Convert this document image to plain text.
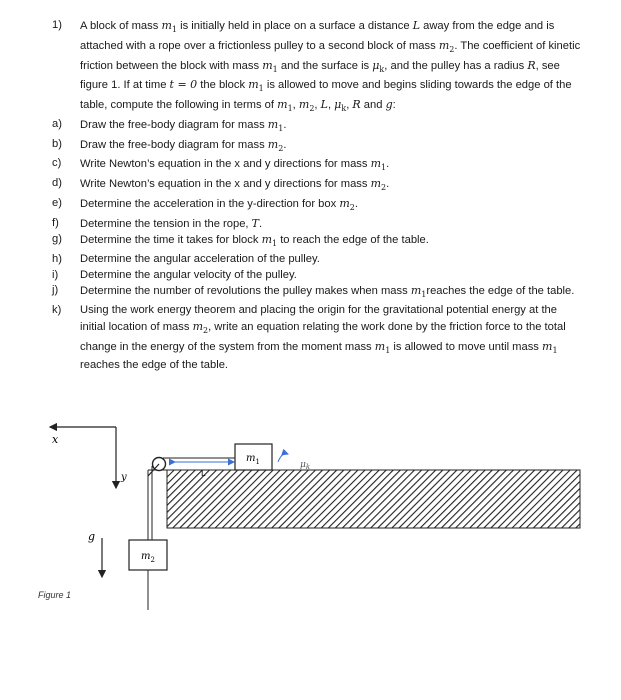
1)	A block of mass $m_1$ is initially held in place on a surface a distance L away from the edge and is attached with a rope over a frictionless pulley to a second block of mass $m_2$. The coefficient of kinetic friction between the block with mass $m_1$ and the surface is $\mu_k$, and the pulley has a radius R, see figure 1. If at time t = 0 the block $m_1$ is allowed to move and begins sliding towards the edge of the table, compute the following in terms of $m_1$, $m_2$, L, $\mu_k$, R and g:
a)	Draw the free-body diagram for mass $m_1$.
b)	Draw the free-body diagram for mass $m_2$.
c)	Write Newton’s equation in the x and y directions for mass $m_1$.
d)	Write Newton’s equation in the x and y directions for mass $m_2$.
e)	Determine the acceleration in the y-direction for box $m_2$.
f)	Determine the tension in the rope, T.
g)	Determine the time it takes for block $m_1$ to reach the edge of the table.
h)	Determine the angular acceleration of the pulley.
i)	Determine the angular velocity of the pulley.
j)	Determine the number of revolutions the pulley makes when mass $m_1reaches$ the edge of the table.
k)	Using the work energy theorem and placing the origin for the gravitational potential energy at the initial location of mass $m_2$, write an equation relating the work done by the friction force to the total change in the energy of the system from the moment mass $m_1$ is allowed to move until mass $m_1$ reaches the edge of the table.
x
y	L
$m_1$	$\mu_k$
$m_2$
g
Figure 1
